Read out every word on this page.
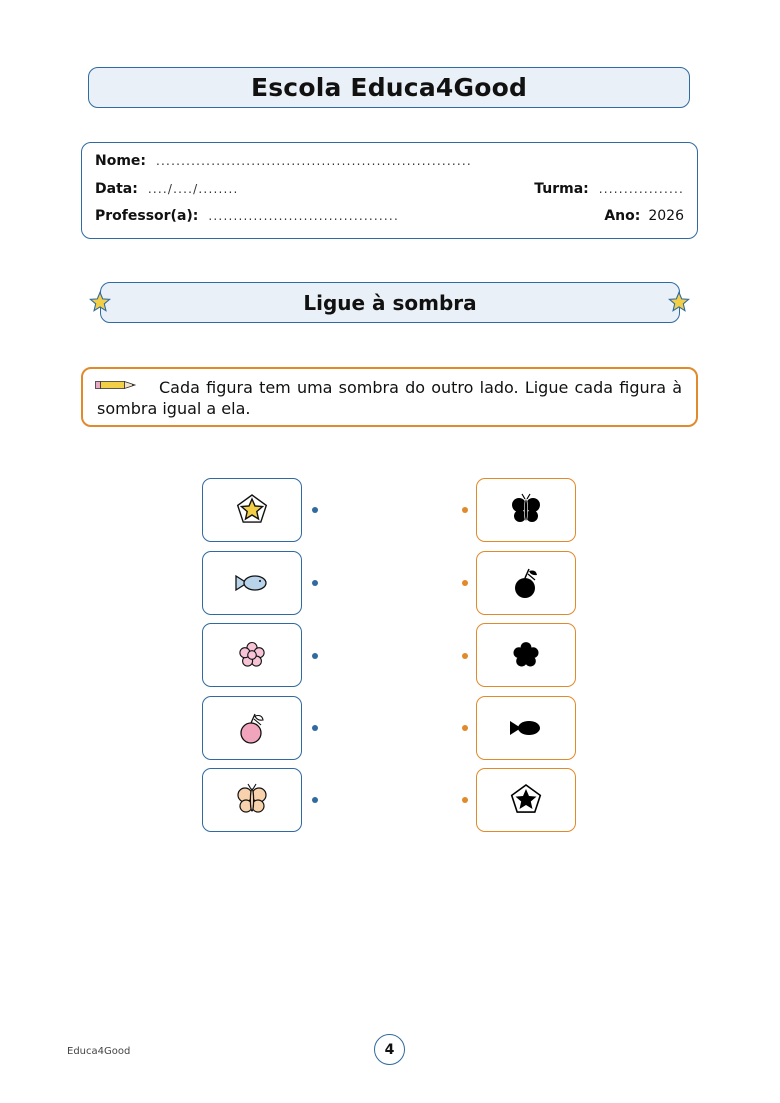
Escola Educa4Good
Nome: ...............................................................
Data: ..../..../........	Turma: .................
Professor(a): ......................................	Ano: 2026
Ligue à sombra
Cada figura tem uma sombra do outro lado. Ligue cada figura à sombra igual a ela.
Educa4Good	4
